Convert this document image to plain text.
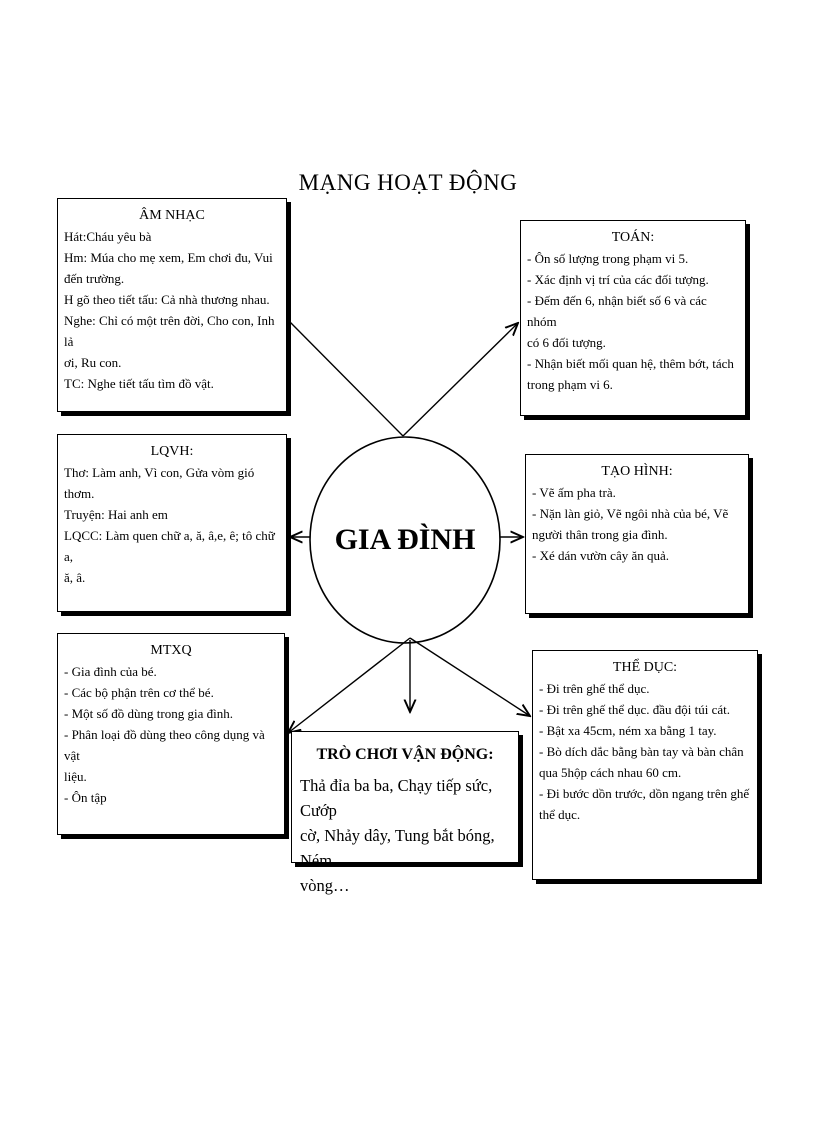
MẠNG HOẠT ĐỘNG
GIA ĐÌNH
ÂM NHẠC
Hát:Cháu yêu bà
Hm: Múa cho mẹ xem, Em chơi đu, Vui
đến trường.
H gõ theo tiết tấu: Cả nhà thương nhau.
Nghe: Chỉ có một trên đời, Cho con, Inh lả
ơi, Ru con.
TC: Nghe tiết tấu tìm đồ vật.
TOÁN:
- Ôn số lượng trong phạm vi 5.
- Xác định vị trí của các đối tượng.
- Đếm đến 6, nhận biết số 6 và các nhóm
có 6 đối tượng.
- Nhận biết mối quan hệ, thêm bớt, tách
trong phạm vi 6.
LQVH:
Thơ: Làm anh, Vì con, Gửa vòm gió
thơm.
Truyện: Hai anh em
LQCC: Làm quen chữ a, ă, â,e, ê; tô chữ a,
ă, â.
TẠO HÌNH:
- Vẽ ấm pha trà.
- Nặn làn giỏ, Vẽ ngôi nhà của bé, Vẽ
người thân trong gia đình.
- Xé dán vườn cây ăn quả.
MTXQ
- Gia đình của bé.
- Các bộ phận trên cơ thể bé.
- Một số đồ dùng trong gia đình.
- Phân loại đồ dùng theo công dụng và vật
liệu.
- Ôn tập
TRÒ CHƠI VẬN ĐỘNG:
Thả đỉa ba ba, Chạy tiếp sức, Cướp
cờ, Nhảy dây, Tung bắt bóng, Ném
vòng…
THỂ DỤC:
- Đi trên ghế thể dục.
- Đi trên ghế thể dục. đầu đội túi cát.
- Bật xa 45cm, ném xa bằng 1 tay.
- Bò dích dắc bằng bàn tay và bàn chân
qua 5hộp cách nhau 60 cm.
- Đi bước dồn trước, dồn ngang trên ghế
thể dục.
